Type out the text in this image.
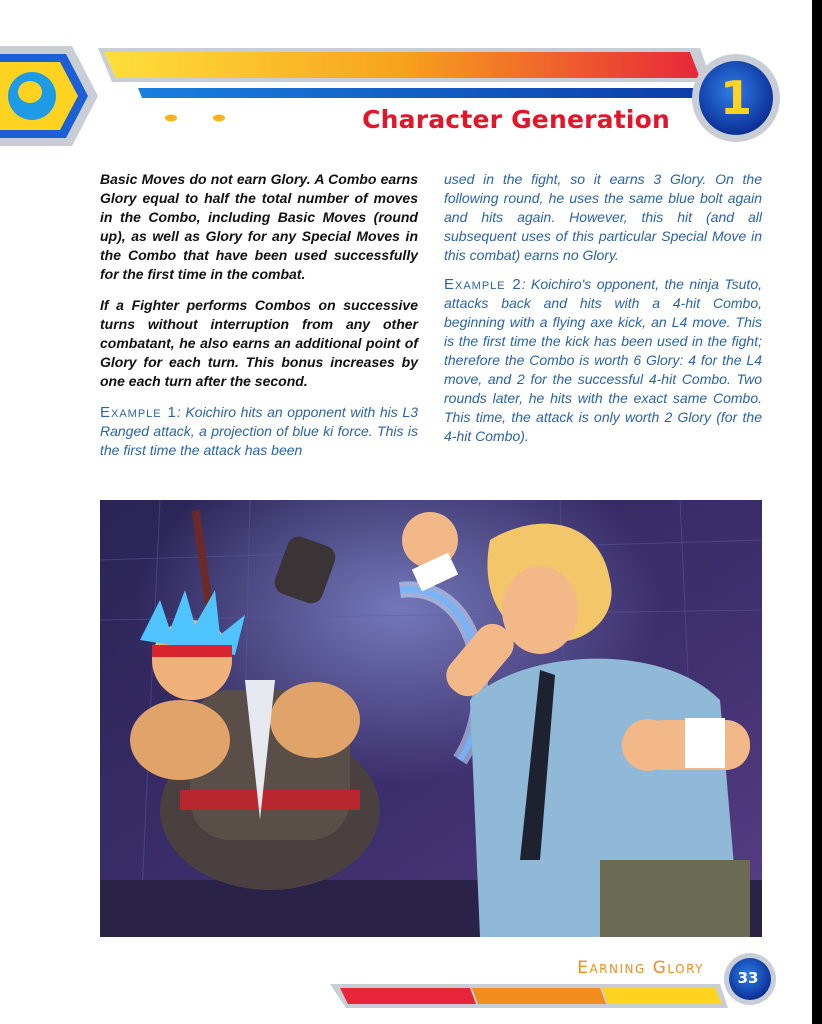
Character Generation	1

Basic Moves do not earn Glory. A Combo earns Glory equal to half the total number of moves in the Combo, including Basic Moves (round up), as well as Glory for any Special Moves in the Combo that have been used successfully for the first time in the combat.

If a Fighter performs Combos on successive turns without interruption from any other combatant, he also earns an additional point of Glory for each turn. This bonus increases by one each turn after the second.

Example 1: Koichiro hits an opponent with his L3 Ranged attack, a projection of blue ki force. This is the first time the attack has been

used in the fight, so it earns 3 Glory. On the following round, he uses the same blue bolt again and hits again. However, this hit (and all subsequent uses of this particular Special Move in this combat) earns no Glory.

Example 2: Koichiro's opponent, the ninja Tsuto, attacks back and hits with a 4-hit Combo, beginning with a flying axe kick, an L4 move. This is the first time the kick has been used in the fight; therefore the Combo is worth 6 Glory: 4 for the L4 move, and 2 for the successful 4-hit Combo. Two rounds later, he hits with the exact same Combo. This time, the attack is only worth 2 Glory (for the 4-hit Combo).

Earning Glory	33
